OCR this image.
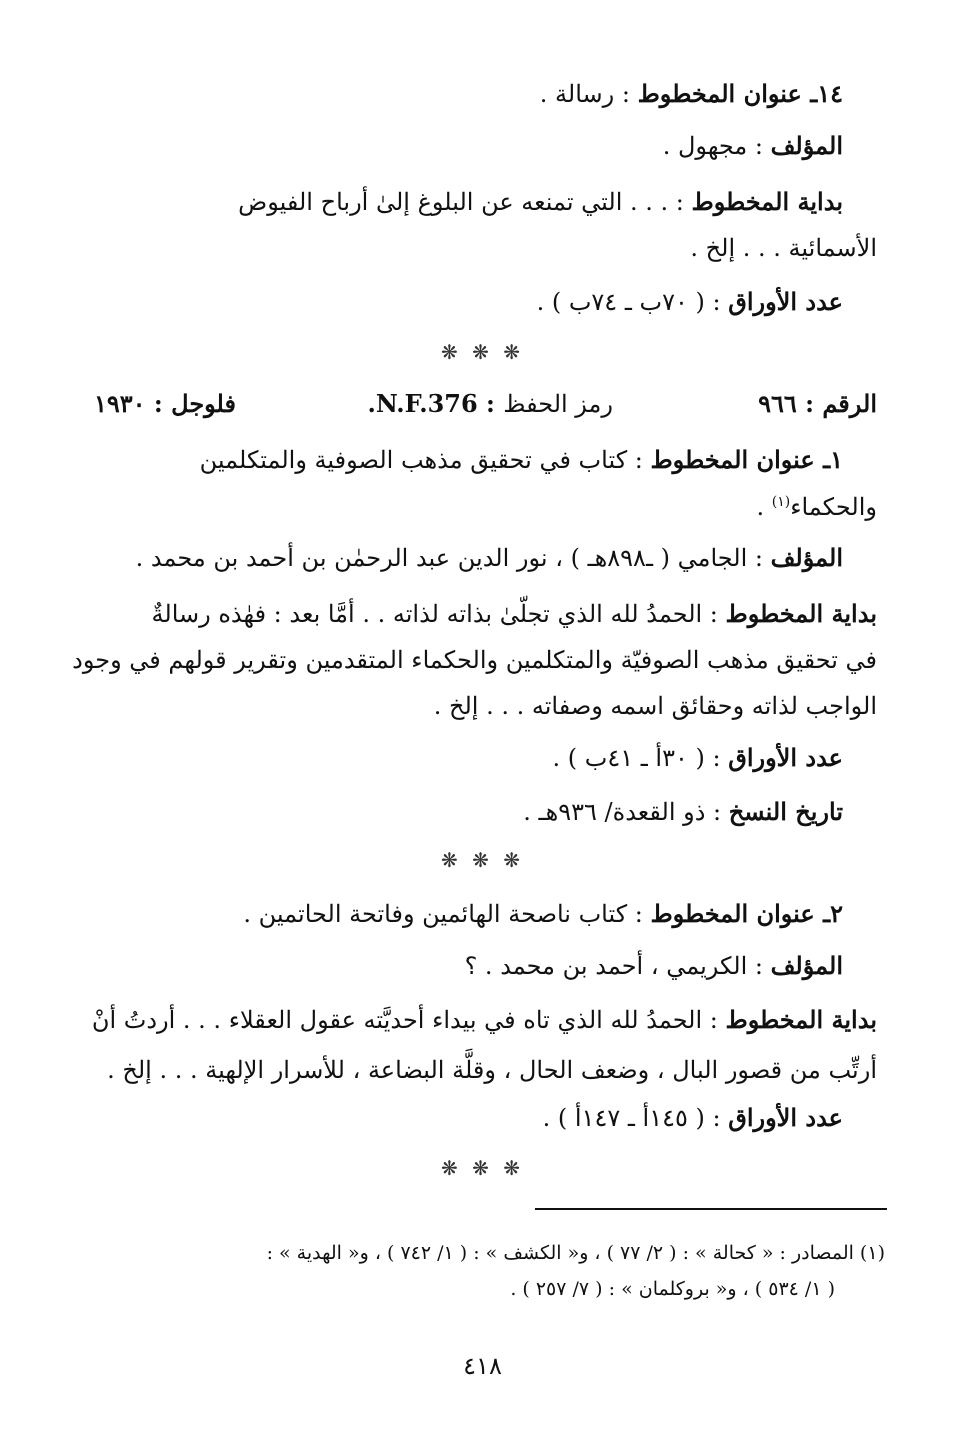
١٤ـ عنوان المخطوط : رسالة .
المؤلف : مجهول .
بداية المخطوط : . . . التي تمنعه عن البلوغ إلىٰ أرباح الفيوض
الأسمائية . . . إلخ .
عدد الأوراق : ( ٧٠ب ـ ٧٤ب ) .
❋ ❋ ❋
الرقم : ٩٦٦
رمز الحفظ : N.F.376.
فلوجل : ١٩٣٠
١ـ عنوان المخطوط : كتاب في تحقيق مذهب الصوفية والمتكلمين
والحكماء$^{(١)}$ .
المؤلف : الجامي ( ـ٨٩٨هـ ) ، نور الدين عبد الرحمٰن بن أحمد بن محمد .
بداية المخطوط : الحمدُ لله الذي تجلّىٰ بذاته لذاته . . أمَّا بعد : فهٰذه رسالةٌ
في تحقيق مذهب الصوفيّة والمتكلمين والحكماء المتقدمين وتقرير قولهم في وجود
الواجب لذاته وحقائق اسمه وصفاته . . . إلخ .
عدد الأوراق : ( ٣٠أ ـ ٤١ب ) .
تاريخ النسخ : ذو القعدة/ ٩٣٦هـ .
❋ ❋ ❋
٢ـ عنوان المخطوط : كتاب ناصحة الهائمين وفاتحة الحاتمين .
المؤلف : الكريمي ، أحمد بن محمد . ؟
بداية المخطوط : الحمدُ لله الذي تاه في بيداء أحديَّته عقول العقلاء . . . أردتُ أنْ
أرتِّب من قصور البال ، وضعف الحال ، وقلَّة البضاعة ، للأسرار الإلهية . . . إلخ .
عدد الأوراق : ( ١٤٥أ ـ ١٤٧أ ) .
❋ ❋ ❋
(١) المصادر : « كحالة » : ( ٢/ ٧٧ ) ، و« الكشف » : ( ١/ ٧٤٢ ) ، و« الهدية » :
( ١/ ٥٣٤ ) ، و« بروكلمان » : ( ٧/ ٢٥٧ ) .
٤١٨
